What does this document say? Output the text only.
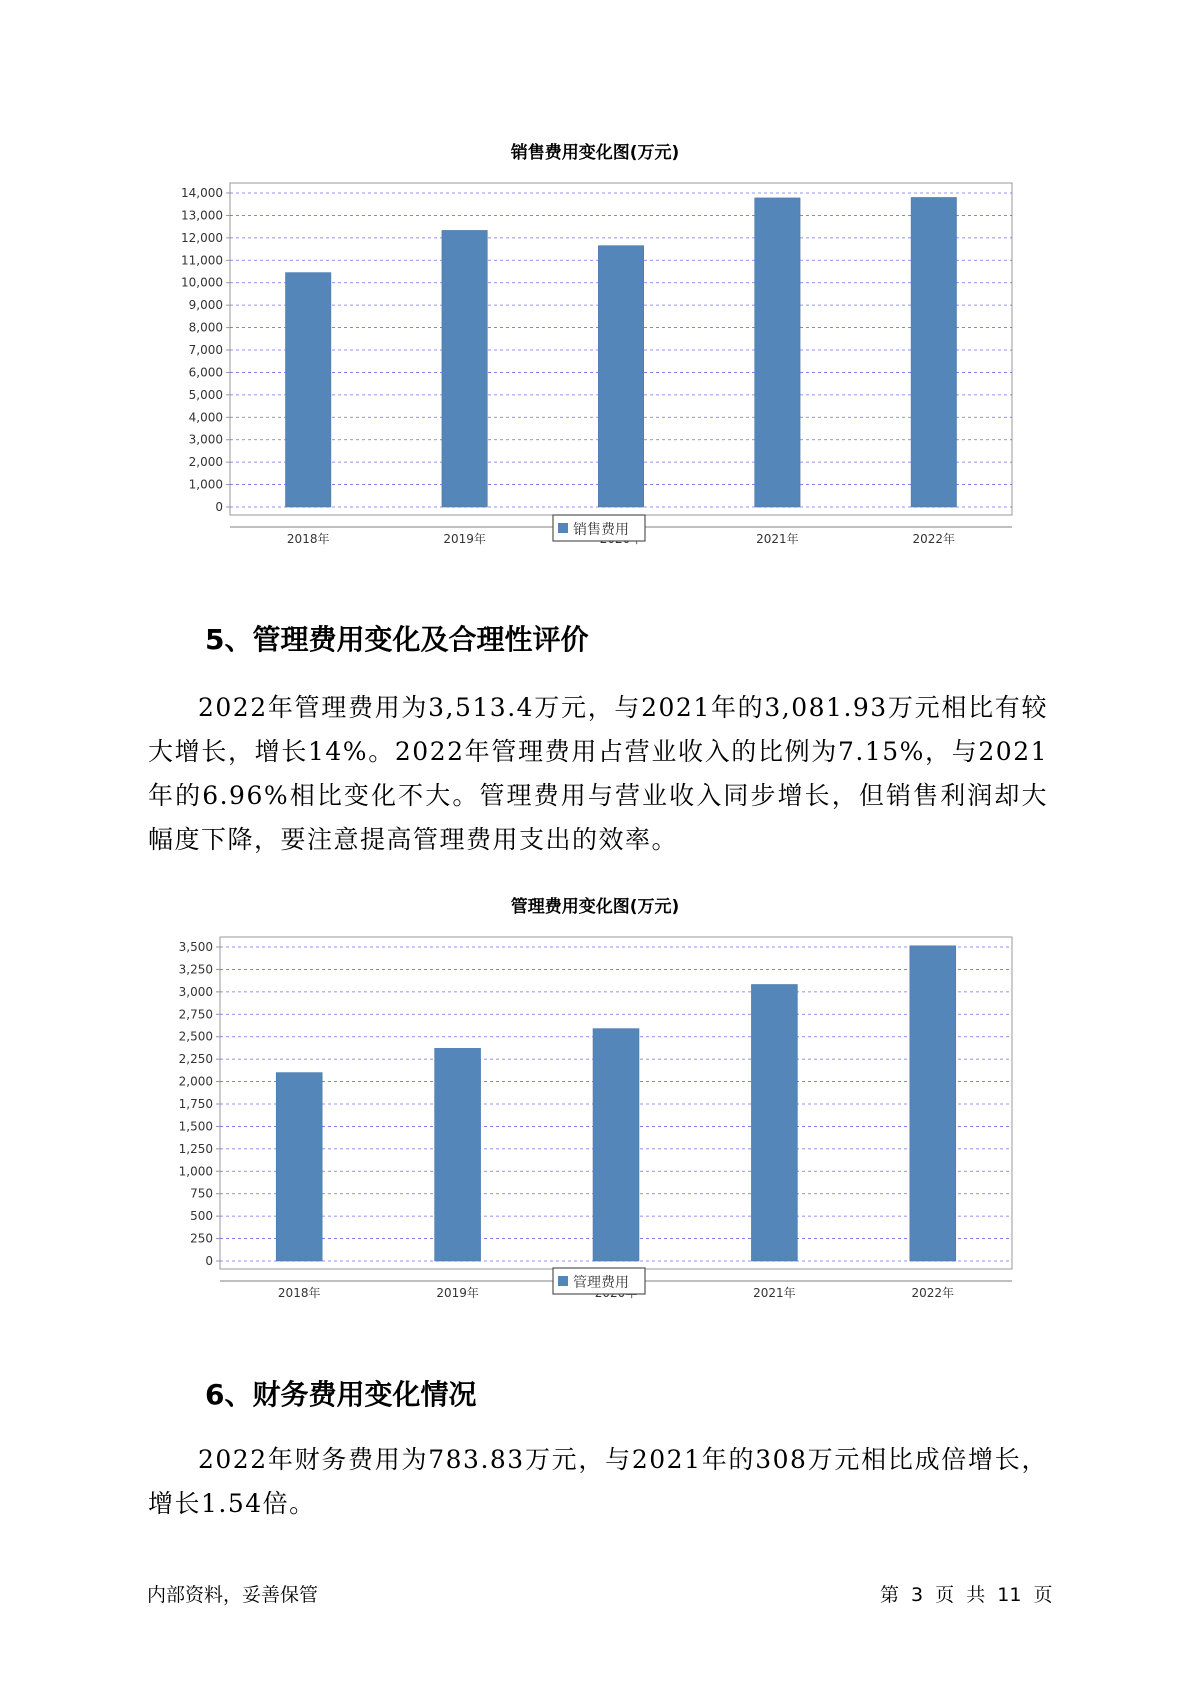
销售费用变化图(万元)
0
1,000
2,000
3,000
4,000
5,000
6,000
7,000
8,000
9,000
10,000
11,000
12,000
13,000
14,000
2018年	2019年	2021年	2022年
销售费用
5、管理费用变化及合理性评价

2022年管理费用为3,513.4万元，与2021年的3,081.93万元相比有较大增长，增长14%。2022年管理费用占营业收入的比例为7.15%，与2021年的6.96%相比变化不大。管理费用与营业收入同步增长，但销售利润却大幅度下降，要注意提高管理费用支出的效率。

管理费用变化图(万元)
0
250
500
750
1,000
1,250
1,500
1,750
2,000
2,250
2,500
2,750
3,000
3,250
3,500
2018年	2019年	2021年	2022年
管理费用
6、财务费用变化情况

2022年财务费用为783.83万元，与2021年的308万元相比成倍增长，增长1.54倍。

内部资料，妥善保管	第 3 页 共 11 页
